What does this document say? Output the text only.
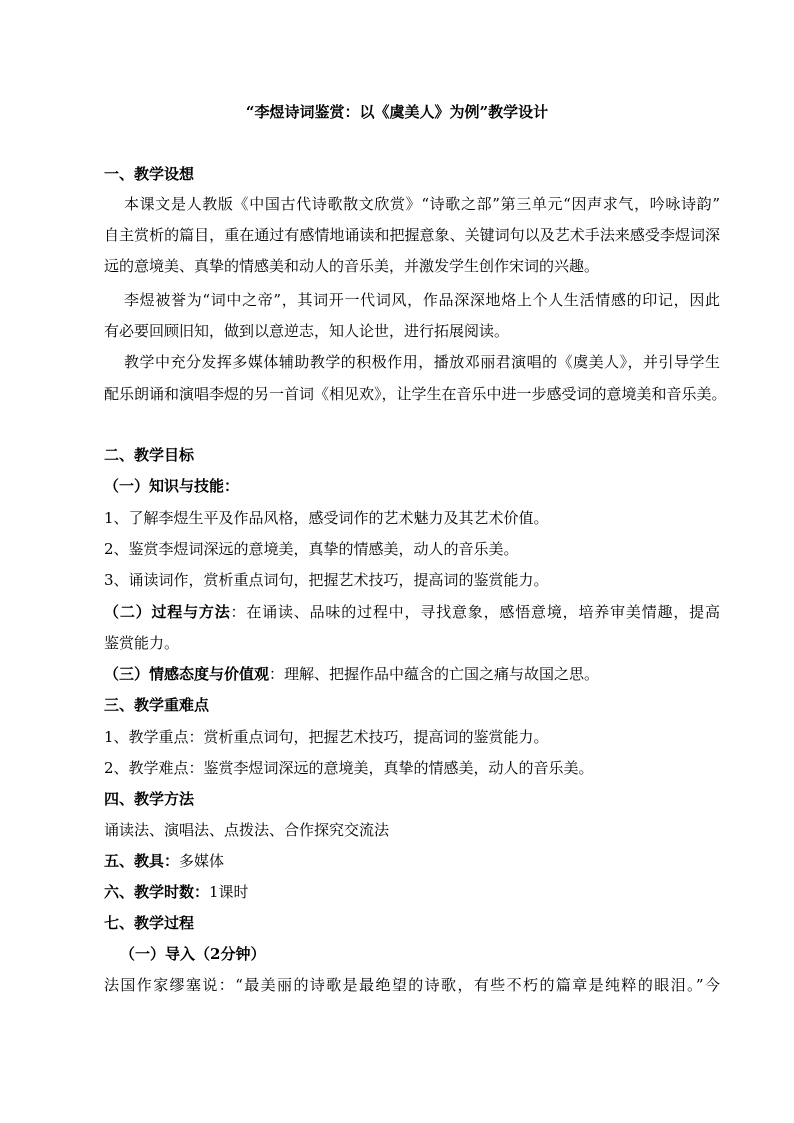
“李煜诗词鉴赏：以《虞美人》为例”教学设计
一、教学设想
本课文是人教版《中国古代诗歌散文欣赏》“诗歌之部”第三单元“因声求气，吟咏诗韵”
自主赏析的篇目，重在通过有感情地诵读和把握意象、关键词句以及艺术手法来感受李煜词深
远的意境美、真挚的情感美和动人的音乐美，并激发学生创作宋词的兴趣。
李煜被誉为“词中之帝”，其词开一代词风，作品深深地烙上个人生活情感的印记，因此
有必要回顾旧知，做到以意逆志，知人论世，进行拓展阅读。
教学中充分发挥多媒体辅助教学的积极作用，播放邓丽君演唱的《虞美人》，并引导学生
配乐朗诵和演唱李煜的另一首词《相见欢》，让学生在音乐中进一步感受词的意境美和音乐美。
二、教学目标
（一）知识与技能：
1、了解李煜生平及作品风格，感受词作的艺术魅力及其艺术价值。
2、鉴赏李煜词深远的意境美，真挚的情感美，动人的音乐美。
3、诵读词作，赏析重点词句，把握艺术技巧，提高词的鉴赏能力。
（二）过程与方法：在诵读、品味的过程中，寻找意象，感悟意境，培养审美情趣，提高
鉴赏能力。
（三）情感态度与价值观：理解、把握作品中蕴含的亡国之痛与故国之思。
三、教学重难点
1、教学重点：赏析重点词句，把握艺术技巧，提高词的鉴赏能力。
2、教学难点：鉴赏李煜词深远的意境美，真挚的情感美，动人的音乐美。
四、教学方法
诵读法、演唱法、点拨法、合作探究交流法
五、教具：多媒体
六、教学时数：1课时
七、教学过程
（一）导入（2分钟）
法国作家缪塞说：“最美丽的诗歌是最绝望的诗歌，有些不朽的篇章是纯粹的眼泪。”今
